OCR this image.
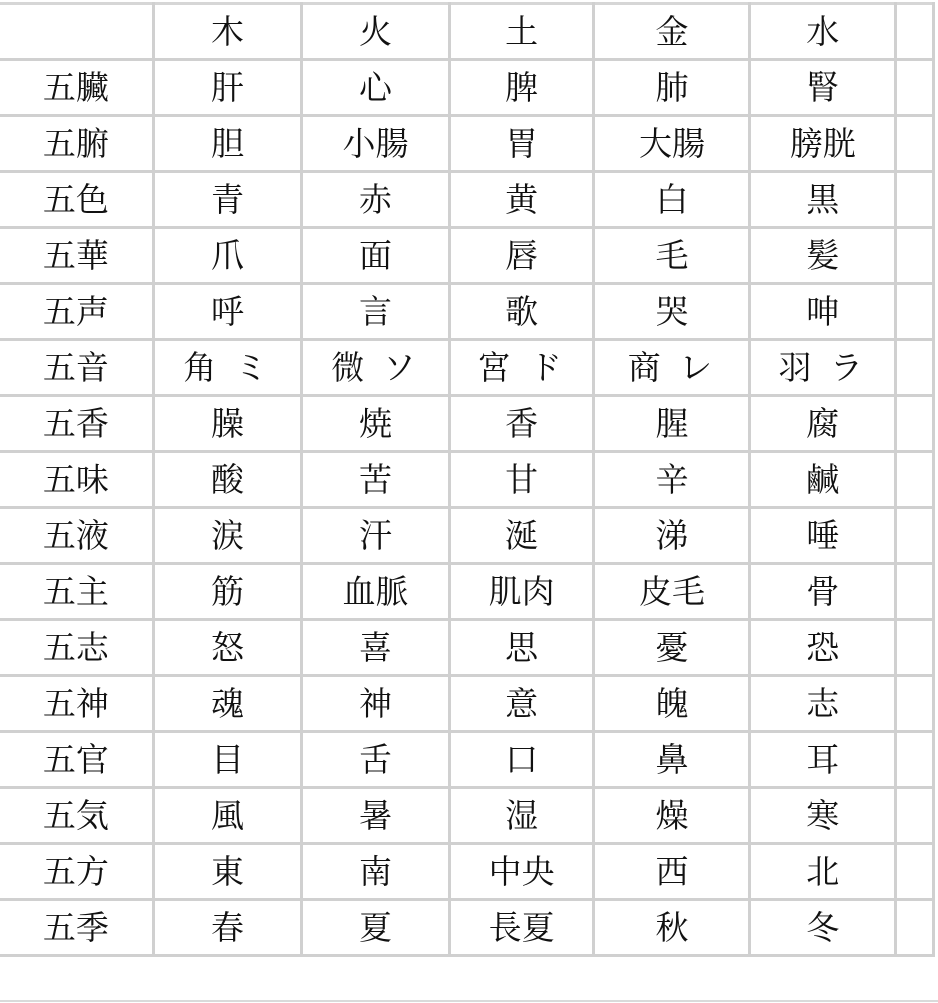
	木	火	土	金	水	
五臟	肝	心	脾	肺	腎	
五腑	胆	小腸	胃	大腸	膀胱	
五色	青	赤	黄	白	黒	
五華	爪	面	唇	毛	髪	
五声	呼	言	歌	哭	呻	
五音	角 ミ	微 ソ	宮 ド	商 レ	羽 ラ	
五香	臊	焼	香	腥	腐	
五味	酸	苦	甘	辛	鹹	
五液	涙	汗	涎	涕	唾	
五主	筋	血脈	肌肉	皮毛	骨	
五志	怒	喜	思	憂	恐	
五神	魂	神	意	魄	志	
五官	目	舌	口	鼻	耳	
五気	風	暑	湿	燥	寒	
五方	東	南	中央	西	北	
五季	春	夏	長夏	秋	冬	
